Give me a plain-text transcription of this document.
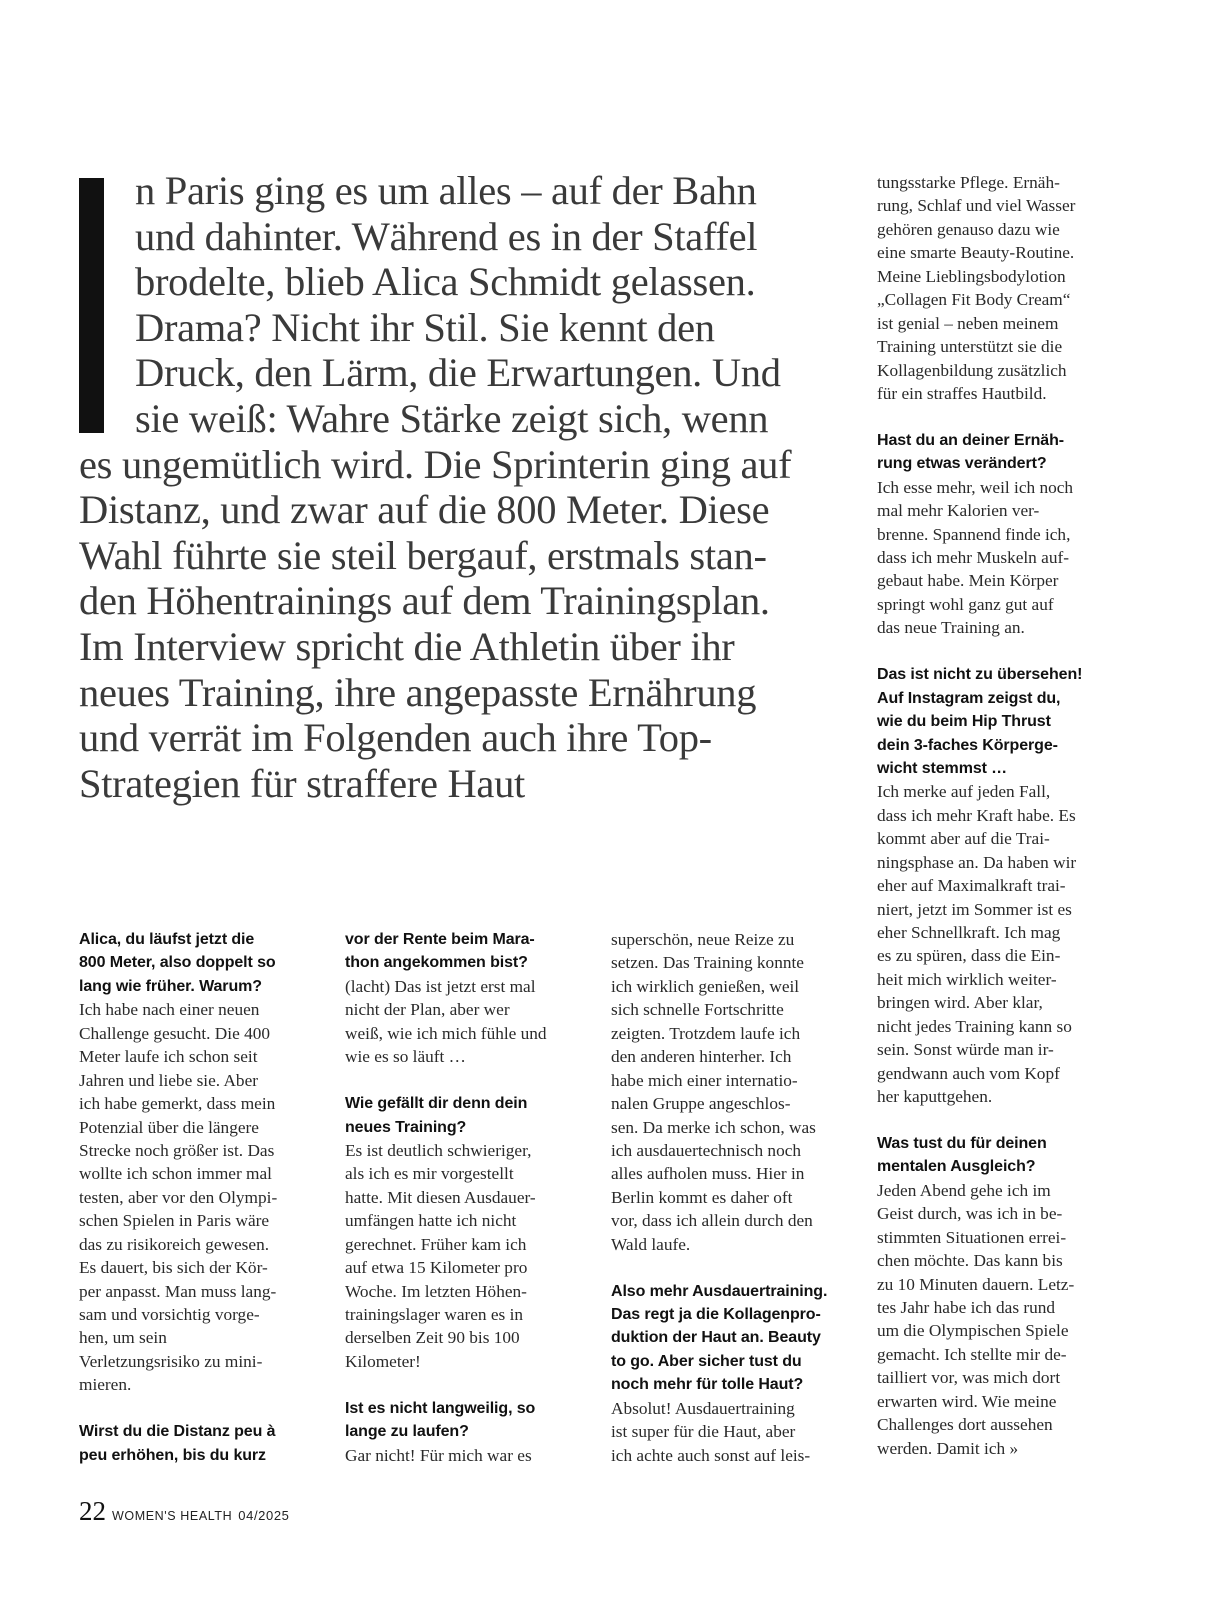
n Paris ging es um alles – auf der Bahn
und dahinter. Während es in der Staffel
brodelte, blieb Alica Schmidt gelassen.
Drama? Nicht ihr Stil. Sie kennt den
Druck, den Lärm, die Erwartungen. Und
sie weiß: Wahre Stärke zeigt sich, wenn
es ungemütlich wird. Die Sprinterin ging auf
Distanz, und zwar auf die 800 Meter. Diese
Wahl führte sie steil bergauf, erstmals stan-
den Höhentrainings auf dem Trainingsplan.
Im Interview spricht die Athletin über ihr
neues Training, ihre angepasste Ernährung
und verrät im Folgenden auch ihre Top-
Strategien für straffere Haut
Alica, du läufst jetzt die
800 Meter, also doppelt so
lang wie früher. Warum?
Ich habe nach einer neuen
Challenge gesucht. Die 400
Meter laufe ich schon seit
Jahren und liebe sie. Aber
ich habe gemerkt, dass mein
Potenzial über die längere
Strecke noch größer ist. Das
wollte ich schon immer mal
testen, aber vor den Olympi-
schen Spielen in Paris wäre
das zu risikoreich gewesen.
Es dauert, bis sich der Kör-
per anpasst. Man muss lang-
sam und vorsichtig vorge-
hen, um sein
Verletzungsrisiko zu mini-
mieren.
Wirst du die Distanz peu à
peu erhöhen, bis du kurz
vor der Rente beim Mara-
thon angekommen bist?
(lacht) Das ist jetzt erst mal
nicht der Plan, aber wer
weiß, wie ich mich fühle und
wie es so läuft …
Wie gefällt dir denn dein
neues Training?
Es ist deutlich schwieriger,
als ich es mir vorgestellt
hatte. Mit diesen Ausdauer-
umfängen hatte ich nicht
gerechnet. Früher kam ich
auf etwa 15 Kilometer pro
Woche. Im letzten Höhen-
trainingslager waren es in
derselben Zeit 90 bis 100
Kilometer!
Ist es nicht langweilig, so
lange zu laufen?
Gar nicht! Für mich war es
superschön, neue Reize zu
setzen. Das Training konnte
ich wirklich genießen, weil
sich schnelle Fortschritte
zeigten. Trotzdem laufe ich
den anderen hinterher. Ich
habe mich einer internatio-
nalen Gruppe angeschlos-
sen. Da merke ich schon, was
ich ausdauertechnisch noch
alles aufholen muss. Hier in
Berlin kommt es daher oft
vor, dass ich allein durch den
Wald laufe.
Also mehr Ausdauertraining.
Das regt ja die Kollagenpro-
duktion der Haut an. Beauty
to go. Aber sicher tust du
noch mehr für tolle Haut?
Absolut! Ausdauertraining
ist super für die Haut, aber
ich achte auch sonst auf leis-
tungsstarke Pflege. Ernäh-
rung, Schlaf und viel Wasser
gehören genauso dazu wie
eine smarte Beauty-Routine.
Meine Lieblingsbodylotion
„Collagen Fit Body Cream“
ist genial – neben meinem
Training unterstützt sie die
Kollagenbildung zusätzlich
für ein straffes Hautbild.
Hast du an deiner Ernäh-
rung etwas verändert?
Ich esse mehr, weil ich noch
mal mehr Kalorien ver-
brenne. Spannend finde ich,
dass ich mehr Muskeln auf-
gebaut habe. Mein Körper
springt wohl ganz gut auf
das neue Training an.
Das ist nicht zu übersehen!
Auf Instagram zeigst du,
wie du beim Hip Thrust
dein 3-faches Körperge-
wicht stemmst …
Ich merke auf jeden Fall,
dass ich mehr Kraft habe. Es
kommt aber auf die Trai-
ningsphase an. Da haben wir
eher auf Maximalkraft trai-
niert, jetzt im Sommer ist es
eher Schnellkraft. Ich mag
es zu spüren, dass die Ein-
heit mich wirklich weiter-
bringen wird. Aber klar,
nicht jedes Training kann so
sein. Sonst würde man ir-
gendwann auch vom Kopf
her kaputtgehen.
Was tust du für deinen
mentalen Ausgleich?
Jeden Abend gehe ich im
Geist durch, was ich in be-
stimmten Situationen errei-
chen möchte. Das kann bis
zu 10 Minuten dauern. Letz-
tes Jahr habe ich das rund
um die Olympischen Spiele
gemacht. Ich stellte mir de-
tailliert vor, was mich dort
erwarten wird. Wie meine
Challenges dort aussehen
werden. Damit ich »
22 WOMEN'S HEALTH 04/2025
